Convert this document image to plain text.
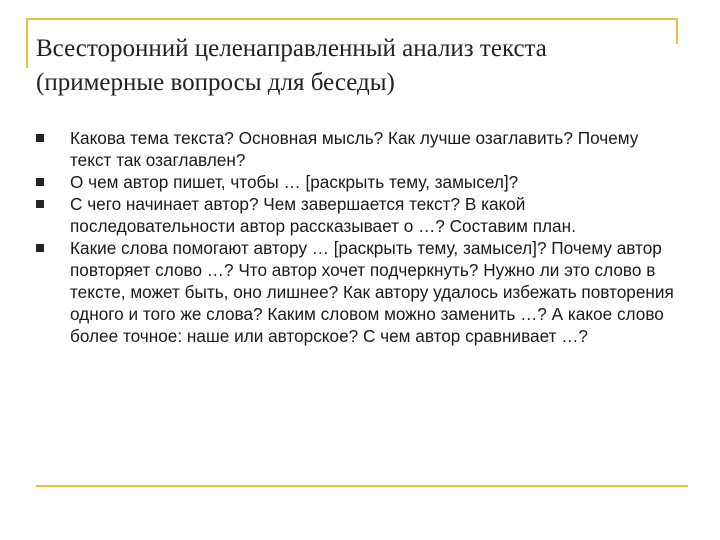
Всесторонний целенаправленный анализ текста
(примерные вопросы для беседы)
Какова тема текста? Основная мысль? Как лучше озаглавить? Почему текст так озаглавлен?
О чем автор пишет, чтобы … [раскрыть тему, замысел]?
С чего начинает автор? Чем завершается текст? В какой последовательности автор рассказывает о …? Составим план.
Какие слова помогают автору … [раскрыть тему, замысел]? Почему автор повторяет слово …? Что автор хочет подчеркнуть? Нужно ли это слово в тексте, может быть, оно лишнее? Как автору удалось избежать повторения одного и того же слова? Каким словом можно заменить …? А какое слово более точное: наше или авторское? С чем автор сравнивает …?
